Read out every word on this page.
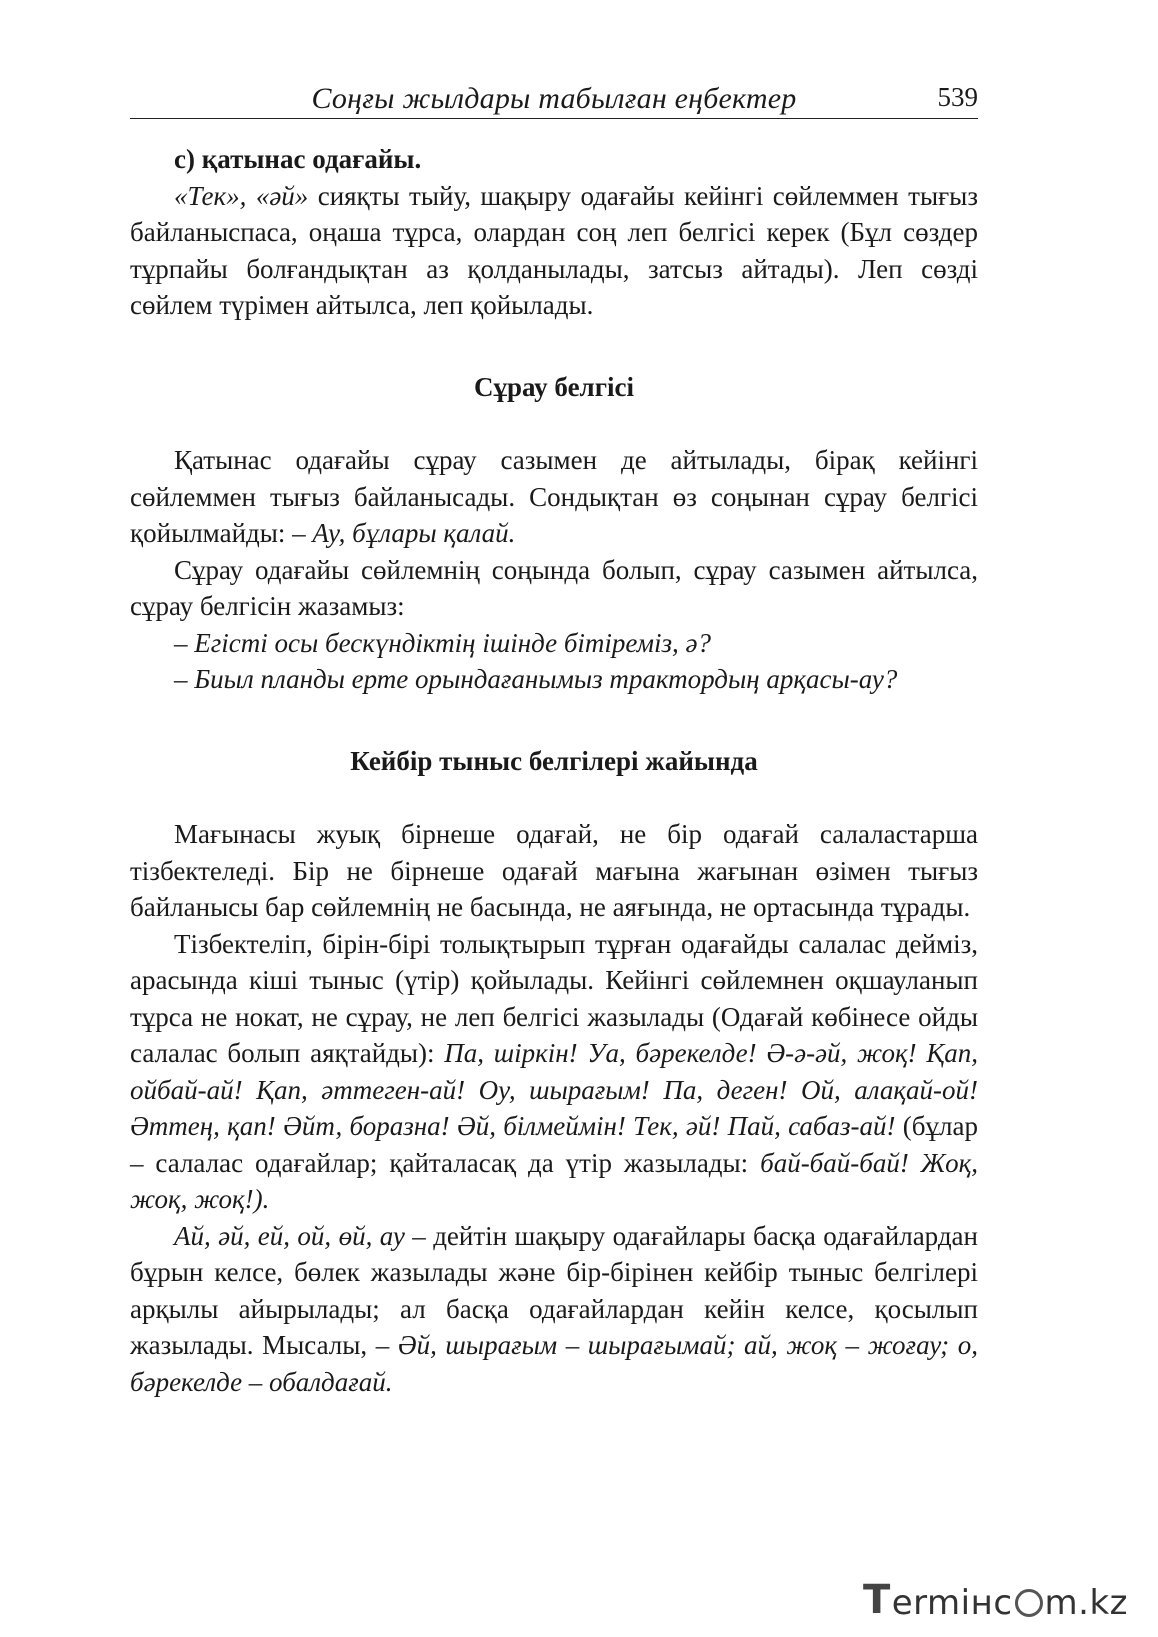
Соңғы жылдары табылған еңбектер	539

c) қатынас одағайы.

«Тек», «әй» сияқты тыйу, шақыру одағайы кейінгі сөйлеммен тығыз байланыспаса, оңаша тұрса, олардан соң леп белгісі керек (Бұл сөздер тұрпайы болғандықтан аз қолданылады, затсыз айтады). Леп сөзді сөйлем түрімен айтылса, леп қойылады.

Сұрау белгісі

Қатынас одағайы сұрау сазымен де айтылады, бірақ кейінгі сөйлеммен тығыз байланысады. Сондықтан өз соңынан сұрау белгісі қойылмайды: – Ау, бұлары қалай.

Сұрау одағайы сөйлемнің соңында болып, сұрау сазымен айтылса, сұрау белгісін жазамыз:

– Егісті осы бескүндіктің ішінде бітіреміз, ә?

– Биыл планды ерте орындағанымыз трактордың арқасы-ау?

Кейбір тыныс белгілері жайында

Мағынасы жуық бірнеше одағай, не бір одағай салаластарша тізбектеледі. Бір не бірнеше одағай мағына жағынан өзімен тығыз байланысы бар сөйлемнің не басында, не аяғында, не ортасында тұрады.

Тізбектеліп, бірін-бірі толықтырып тұрған одағайды салалас дейміз, арасында кіші тыныс (үтір) қойылады. Кейінгі сөйлемнен оқшауланып тұрса не нокат, не сұрау, не леп белгісі жазылады (Одағай көбінесе ойды салалас болып аяқтайды): Па, шіркін! Уа, бәрекелде! Ә-ә-әй, жоқ! Қап, ойбай-ай! Қап, әттеген-ай! Оу, шырағым! Па, деген! Ой, алақай-ой! Әттең, қап! Әйт, боразна! Әй, білмеймін! Тек, әй! Пай, сабаз-ай! (бұлар – салалас одағайлар; қайталасақ да үтір жазылады: бай-бай-бай! Жоқ, жоқ, жоқ!).

Ай, әй, ей, ой, өй, ау – дейтін шақыру одағайлары басқа одағайлардан бұрын келсе, бөлек жазылады және бір-бірінен кейбір тыныс белгілері арқылы айырылады; ал басқа одағайлардан кейін келсе, қосылып жазылады. Мысалы, – Әй, шырағым – шырағымай; ай, жоқ – жоғау; о, бәрекелде – обалдағай.

T ermінc m.kz
